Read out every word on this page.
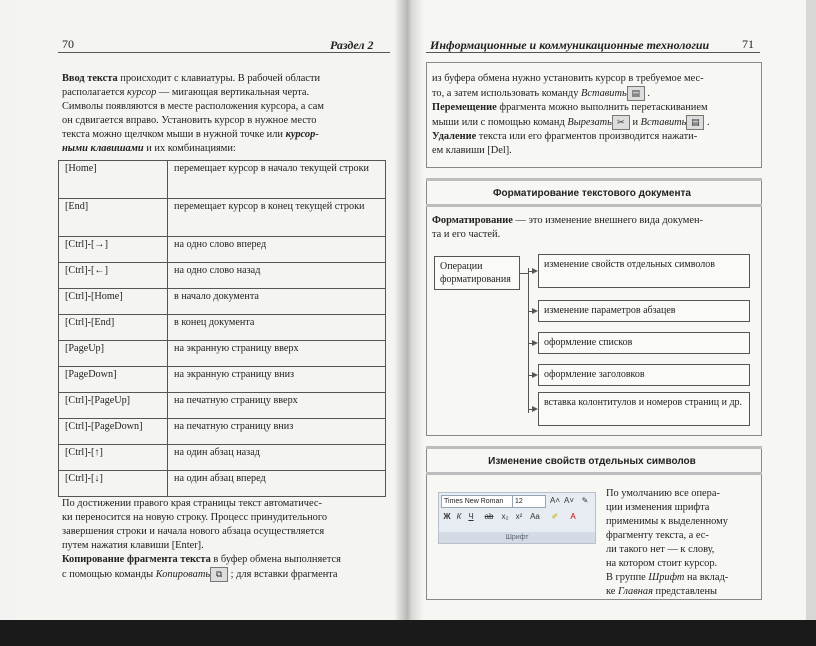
70	Раздел 2
Ввод текста происходит с клавиатуры. В рабочей области
располагается курсор — мигающая вертикальная черта.
Символы появляются в месте расположения курсора, а сам
он сдвигается вправо. Установить курсор в нужное место
текста можно щелчком мыши в нужной точке или курсор-
ными клавишами и их комбинациями:
[Home]	перемещает курсор в начало текущей строки
[End]	перемещает курсор в конец текущей строки
[Ctrl]-[→]	на одно слово вперед
[Ctrl]-[←]	на одно слово назад
[Ctrl]-[Home]	в начало документа
[Ctrl]-[End]	в конец документа
[PageUp]	на экранную страницу вверх
[PageDown]	на экранную страницу вниз
[Ctrl]-[PageUp]	на печатную страницу вверх
[Ctrl]-[PageDown]	на печатную страницу вниз
[Ctrl]-[↑]	на один абзац назад
[Ctrl]-[↓]	на один абзац вперед
По достижении правого края страницы текст автоматичес-
ки переносится на новую строку. Процесс принудительного
завершения строки и начала нового абзаца осуществляется
путем нажатия клавиши [Enter].
Копирование фрагмента текста в буфер обмена выполняется
с помощью команды Копировать ⧉ ; для вставки фрагмента
Информационные и коммуникационные технологии	71
из буфера обмена нужно установить курсор в требуемое мес-
то, а затем использовать команду Вставить ▤ .
Перемещение фрагмента можно выполнить перетаскиванием
мыши или с помощью команд Вырезать ✂ и Вставить ▤ .
Удаление текста или его фрагментов производится нажати-
ем клавиши [Del].
Форматирование текстового документа
Форматирование — это изменение внешнего вида докумен-
та и его частей.
Операции форматирования
изменение свойств отдельных символов
изменение параметров абзацев
оформление списков
оформление заголовков
вставка колонтитулов и номеров страниц и др.
Изменение свойств отдельных символов
Times New Roman	12	A˄ A˅ ✎
Ж К Ч	ab x₂ x² Aa	✐	A
Шрифт
По умолчанию все опера-
ции изменения шрифта
применимы к выделенному
фрагменту текста, а ес-
ли такого нет — к слову,
на котором стоит курсор.
В группе Шрифт на вклад-
ке Главная представлены
